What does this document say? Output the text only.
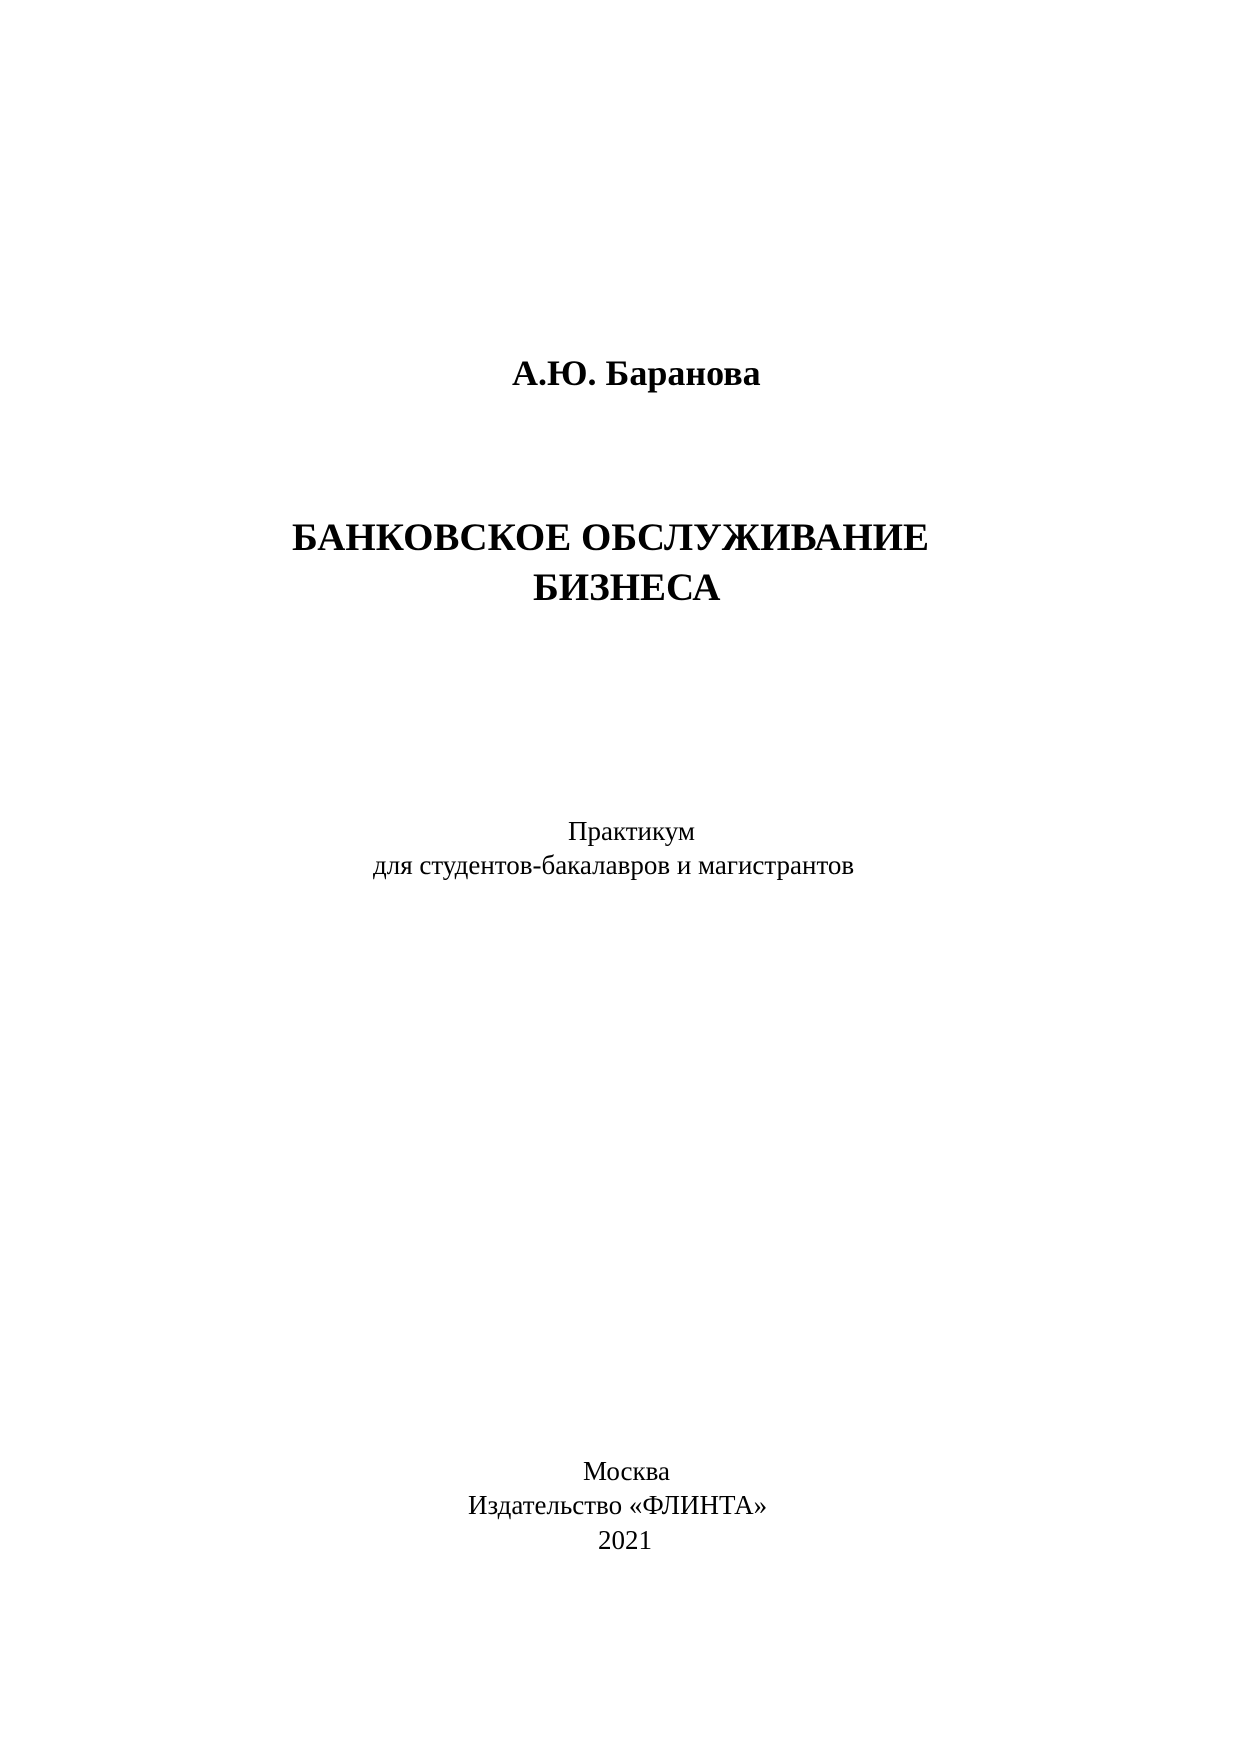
А.Ю. Баранова
БАНКОВСКОЕ ОБСЛУЖИВАНИЕ
БИЗНЕСА
Практикум
для студентов-бакалавров и магистрантов
Москва
Издательство «ФЛИНТА»
2021
